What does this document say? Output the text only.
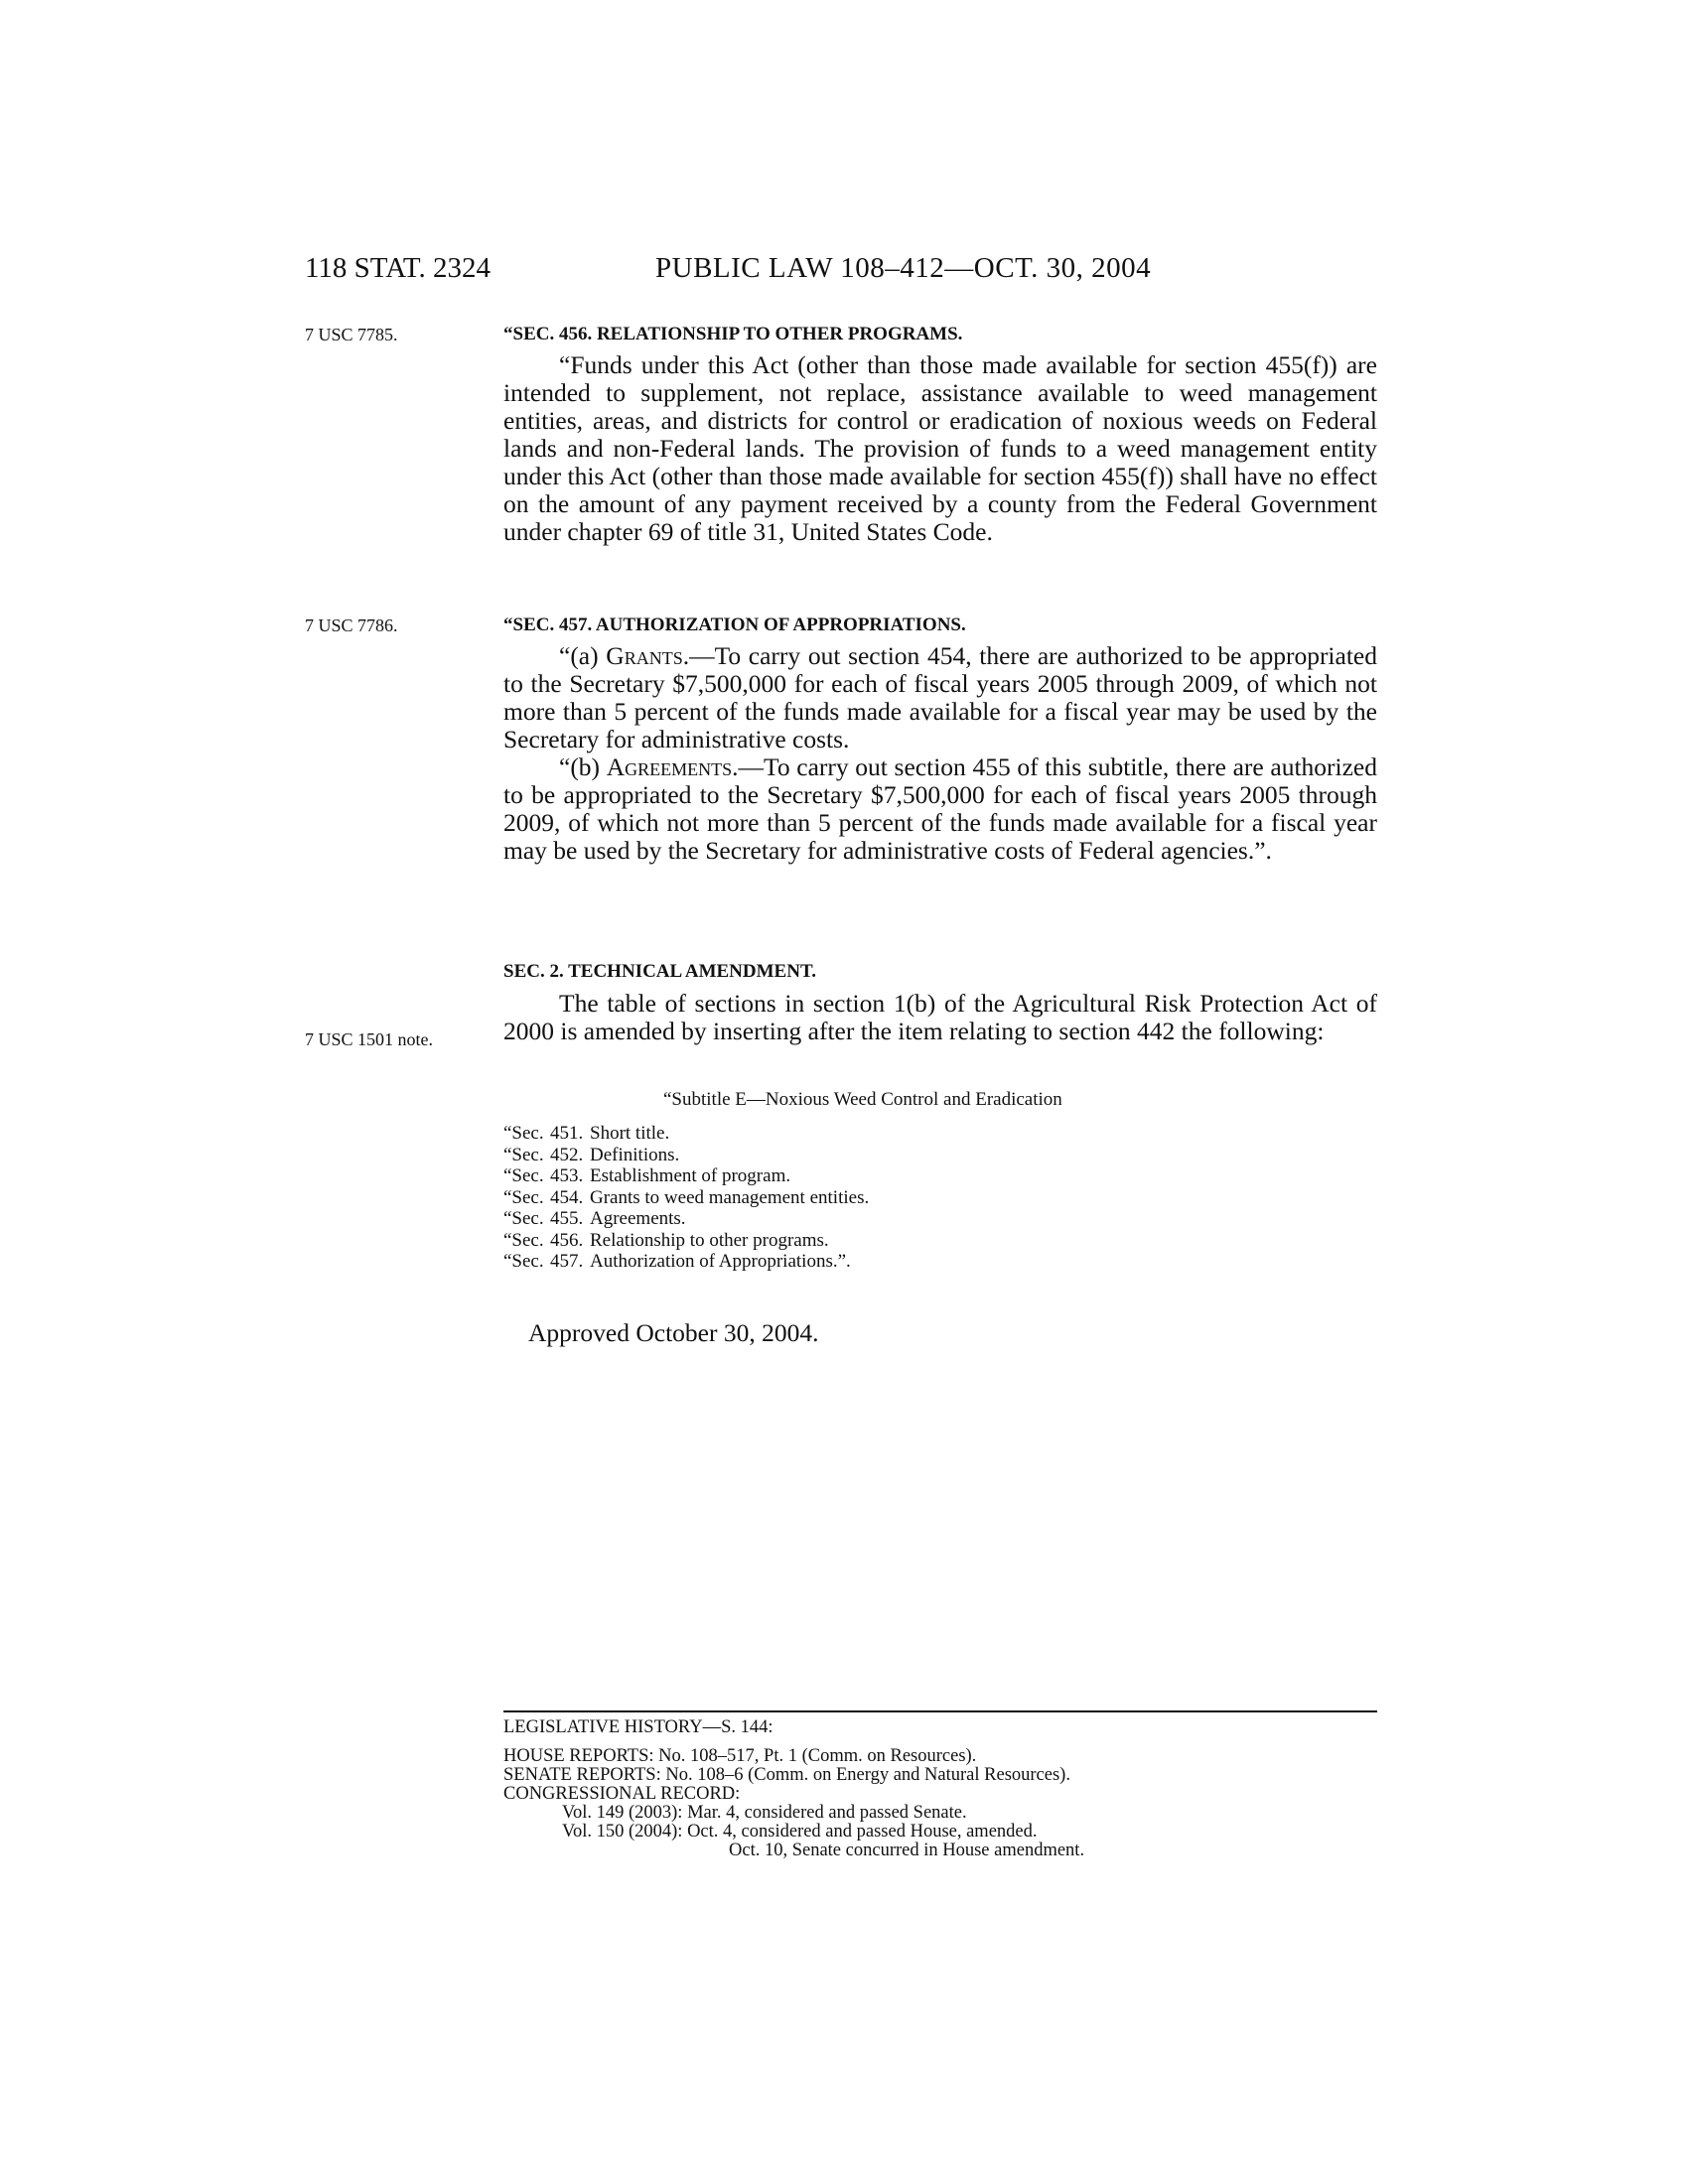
118 STAT. 2324	PUBLIC LAW 108–412—OCT. 30, 2004
7 USC 7785.
7 USC 7786.
7 USC 1501 note.
“SEC. 456. RELATIONSHIP TO OTHER PROGRAMS.

“Funds under this Act (other than those made available for section 455(f)) are intended to supplement, not replace, assistance available to weed management entities, areas, and districts for control or eradication of noxious weeds on Federal lands and non-Federal lands. The provision of funds to a weed management entity under this Act (other than those made available for section 455(f)) shall have no effect on the amount of any payment received by a county from the Federal Government under chapter 69 of title 31, United States Code.

“SEC. 457. AUTHORIZATION OF APPROPRIATIONS.

“(a) Grants.—To carry out section 454, there are authorized to be appropriated to the Secretary $7,500,000 for each of fiscal years 2005 through 2009, of which not more than 5 percent of the funds made available for a fiscal year may be used by the Secretary for administrative costs.

“(b) Agreements.—To carry out section 455 of this subtitle, there are authorized to be appropriated to the Secretary $7,500,000 for each of fiscal years 2005 through 2009, of which not more than 5 percent of the funds made available for a fiscal year may be used by the Secretary for administrative costs of Federal agencies.”.

SEC. 2. TECHNICAL AMENDMENT.

The table of sections in section 1(b) of the Agricultural Risk Protection Act of 2000 is amended by inserting after the item relating to section 442 the following:

“Subtitle E—Noxious Weed Control and Eradication
“Sec. 451. Short title.
“Sec. 452. Definitions.
“Sec. 453. Establishment of program.
“Sec. 454. Grants to weed management entities.
“Sec. 455. Agreements.
“Sec. 456. Relationship to other programs.
“Sec. 457. Authorization of Appropriations.”.
Approved October 30, 2004.
LEGISLATIVE HISTORY—S. 144:
HOUSE REPORTS: No. 108–517, Pt. 1 (Comm. on Resources).
SENATE REPORTS: No. 108–6 (Comm. on Energy and Natural Resources).
CONGRESSIONAL RECORD:
Vol. 149 (2003): Mar. 4, considered and passed Senate.
Vol. 150 (2004): Oct. 4, considered and passed House, amended.
Oct. 10, Senate concurred in House amendment.
